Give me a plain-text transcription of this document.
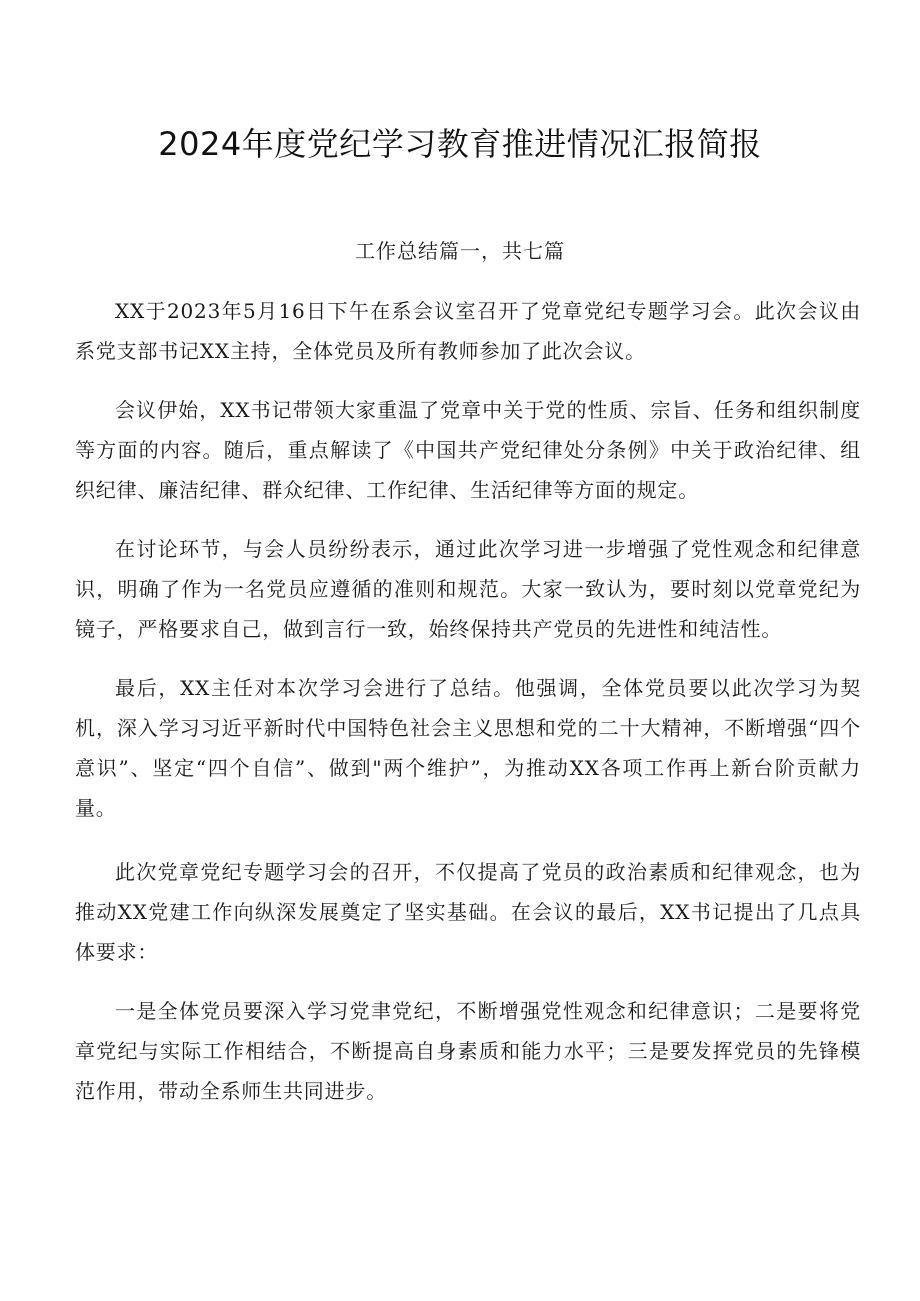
2024年度党纪学习教育推进情况汇报简报
工作总结篇一，共七篇

XX于2023年5月16日下午在系会议室召开了党章党纪专题学习会。此次会议由系党支部书记XX主持，全体党员及所有教师参加了此次会议。

会议伊始，XX书记带领大家重温了党章中关于党的性质、宗旨、任务和组织制度等方面的内容。随后，重点解读了《中国共产党纪律处分条例》中关于政治纪律、组织纪律、廉洁纪律、群众纪律、工作纪律、生活纪律等方面的规定。

在讨论环节，与会人员纷纷表示，通过此次学习进一步增强了党性观念和纪律意识，明确了作为一名党员应遵循的准则和规范。大家一致认为，要时刻以党章党纪为镜子，严格要求自己，做到言行一致，始终保持共产党员的先进性和纯洁性。

最后，XX主任对本次学习会进行了总结。他强调，全体党员要以此次学习为契机，深入学习习近平新时代中国特色社会主义思想和党的二十大精神，不断增强“四个意识”、坚定“四个自信”、做到"两个维护”，为推动XX各项工作再上新台阶贡献力量。

此次党章党纪专题学习会的召开，不仅提高了党员的政治素质和纪律观念，也为推动XX党建工作向纵深发展奠定了坚实基础。在会议的最后，XX书记提出了几点具体要求：

一是全体党员要深入学习党聿党纪，不断增强党性观念和纪律意识；二是要将党章党纪与实际工作相结合，不断提高自身素质和能力水平；三是要发挥党员的先锋模范作用，带动全系师生共同进步。
